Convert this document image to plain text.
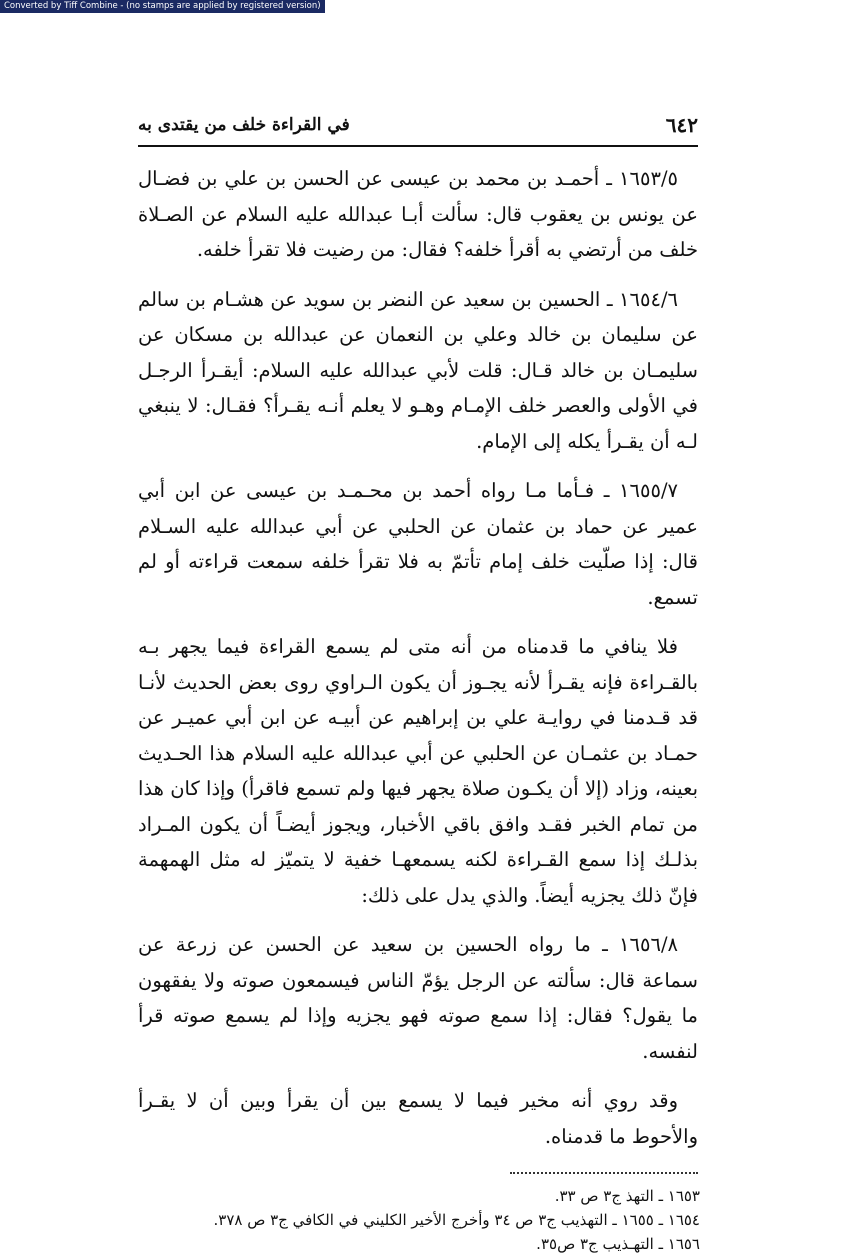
Converted by Tiff Combine - (no stamps are applied by registered version)
٦٤٢
في القراءة خلف من يقتدى به

١٦٥٣/٥ ـ أحمـد بن محمد بن عيسى عن الحسن بن علي بن فضـال عن يونس بن يعقوب قال: سألت أبـا عبدالله عليه السلام عن الصـلاة خلف من أرتضي به أقرأ خلفه؟ فقال: من رضيت فلا تقرأ خلفه.

١٦٥٤/٦ ـ الحسين بن سعيد عن النضر بن سويد عن هشـام بن سالم عن سليمان بن خالد وعلي بن النعمان عن عبدالله بن مسكان عن سليمـان بن خالد قـال: قلت لأبي عبدالله عليه السلام: أيقـرأ الرجـل في الأولى والعصر خلف الإمـام وهـو لا يعلم أنـه يقـرأ؟ فقـال: لا ينبغي لـه أن يقـرأ يكله إلى الإمام.

١٦٥٥/٧ ـ فـأما مـا رواه أحمد بن محـمـد بن عيسى عن ابن أبي عمير عن حماد بن عثمان عن الحلبي عن أبي عبدالله عليه السـلام قال: إذا صلّيت خلف إمام تأتمّ به فلا تقرأ خلفه سمعت قراءته أو لم تسمع.

فلا ينافي ما قدمناه من أنه متى لم يسمع القراءة فيما يجهر بـه بالقـراءة فإنه يقـرأ لأنه يجـوز أن يكون الـراوي روى بعض الحديث لأنـا قد قـدمنا في روايـة علي بن إبراهيم عن أبيـه عن ابن أبي عميـر عن حمـاد بن عثمـان عن الحلبي عن أبي عبدالله عليه السلام هذا الحـديث بعينه، وزاد (إلا أن يكـون صلاة يجهر فيها ولم تسمع فاقرأ) وإذا كان هذا من تمام الخبر فقـد وافق باقي الأخبار، ويجوز أيضـاً أن يكون المـراد بذلـك إذا سمع القـراءة لكنه يسمعهـا خفية لا يتميّز له مثل الهمهمة فإنّ ذلك يجزيه أيضاً. والذي يدل على ذلك:

١٦٥٦/٨ ـ ما رواه الحسين بن سعيد عن الحسن عن زرعة عن سماعة قال: سألته عن الرجل يؤمّ الناس فيسمعون صوته ولا يفقهون ما يقول؟ فقال: إذا سمع صوته فهو يجزيه وإذا لم يسمع صوته قرأ لنفسه.

وقد روي أنه مخير فيما لا يسمع بين أن يقرأ وبين أن لا يقـرأ والأحوط ما قدمناه.

١٦٥٣ ـ التهذ ج٣ ص ٣٣.

١٦٥٤ ـ ١٦٥٥ ـ التهذيب ج٣ ص ٣٤ وأخرج الأخير الكليني في الكافي ج٣ ص ٣٧٨.

١٦٥٦ ـ التهـذيب ج٣ ص٣٥.
